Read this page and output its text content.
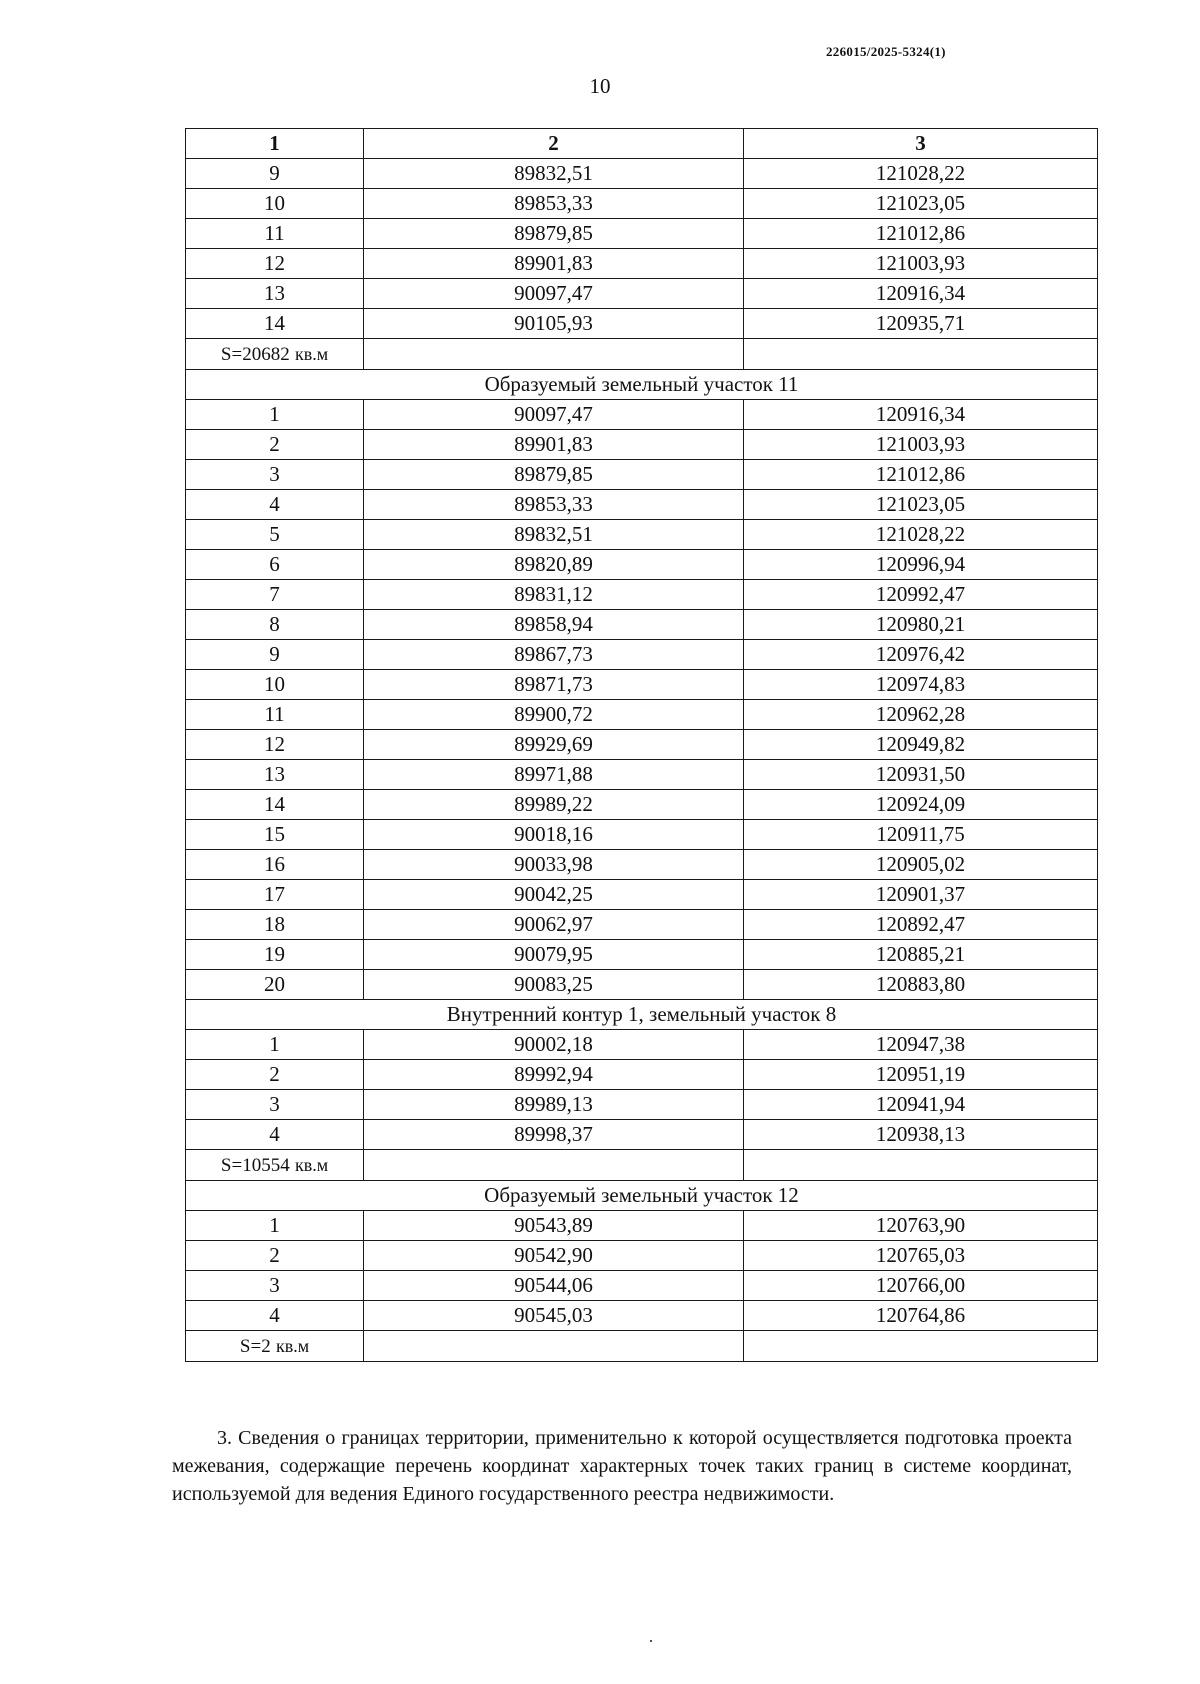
226015/2025-5324(1)
10
1	2	3
9	89832,51	121028,22
10	89853,33	121023,05
11	89879,85	121012,86
12	89901,83	121003,93
13	90097,47	120916,34
14	90105,93	120935,71
S=20682 кв.м		
Образуемый земельный участок 11		
1	90097,47	120916,34
2	89901,83	121003,93
3	89879,85	121012,86
4	89853,33	121023,05
5	89832,51	121028,22
6	89820,89	120996,94
7	89831,12	120992,47
8	89858,94	120980,21
9	89867,73	120976,42
10	89871,73	120974,83
11	89900,72	120962,28
12	89929,69	120949,82
13	89971,88	120931,50
14	89989,22	120924,09
15	90018,16	120911,75
16	90033,98	120905,02
17	90042,25	120901,37
18	90062,97	120892,47
19	90079,95	120885,21
20	90083,25	120883,80
Внутренний контур 1, земельный участок 8		
1	90002,18	120947,38
2	89992,94	120951,19
3	89989,13	120941,94
4	89998,37	120938,13
S=10554 кв.м		
Образуемый земельный участок 12		
1	90543,89	120763,90
2	90542,90	120765,03
3	90544,06	120766,00
4	90545,03	120764,86
S=2 кв.м		
3. Сведения о границах территории, применительно к которой осуществляется подготовка проекта межевания, содержащие перечень координат характерных точек таких границ в системе координат, используемой для ведения Единого государственного реестра недвижимости.
